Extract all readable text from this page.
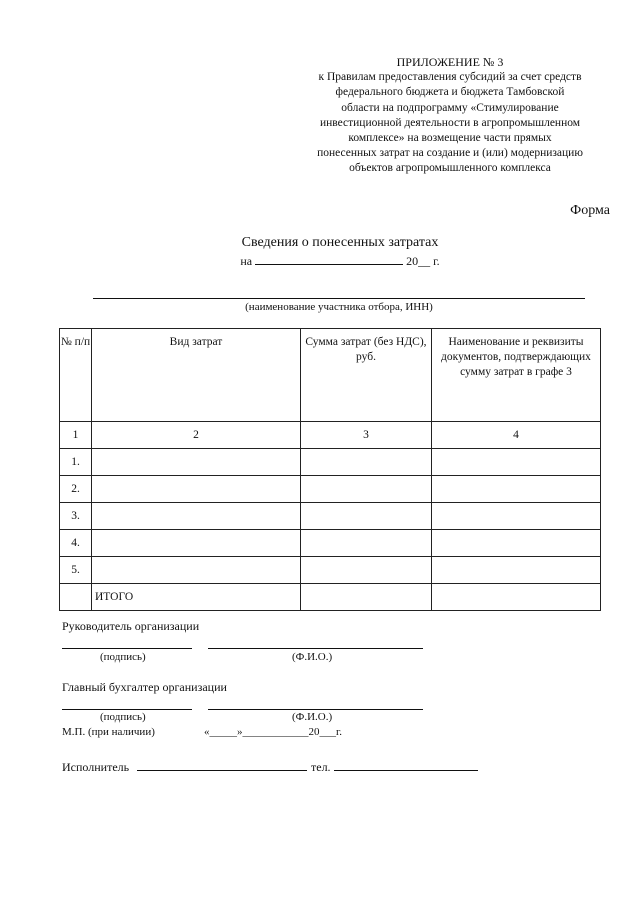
ПРИЛОЖЕНИЕ № 3
к Правилам предоставления субсидий за счет средств
федерального бюджета и бюджета Тамбовской
области на подпрограмму «Стимулирование
инвестиционной деятельности в агропромышленном
комплексе» на возмещение части прямых
понесенных затрат на создание и (или) модернизацию
объектов агропромышленного комплекса
Форма
Сведения о понесенных затратах
на	20__ г.
(наименование участника отбора, ИНН)
№ п/п	Вид затрат	Сумма затрат (без НДС), руб.	Наименование и реквизиты документов, подтверждающих сумму затрат в графе 3
1	2	3	4
1.			
2.			
3.			
4.			
5.			
	ИТОГО		
Руководитель организации
(подпись)	(Ф.И.О.)
Главный бухгалтер организации
(подпись)	(Ф.И.О.)
М.П. (при наличии)	«_____»____________20___г.
Исполнитель	тел.
